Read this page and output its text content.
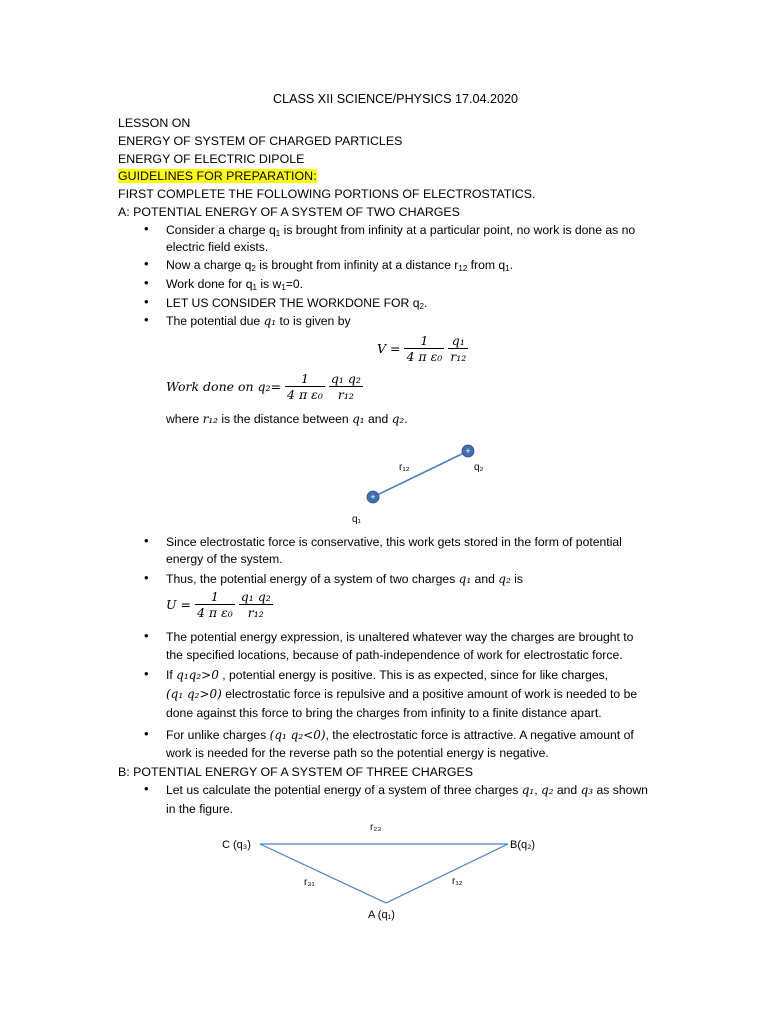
CLASS XII SCIENCE/PHYSICS 17.04.2020
LESSON ON
ENERGY OF SYSTEM OF CHARGED PARTICLES
ENERGY OF ELECTRIC DIPOLE
GUIDELINES FOR PREPARATION:
FIRST COMPLETE THE FOLLOWING PORTIONS OF ELECTROSTATICS.
A: POTENTIAL ENERGY OF A SYSTEM OF TWO CHARGES
• Consider a charge $q_1$ is brought from infinity at a particular point, no work is done as no
electric field exists.
• Now a charge $q_2$ is brought from infinity at a distance $r_{12}$ from $q_1$.
• Work done for $q_1$ is $w_1=0$.
• LET US CONSIDER THE WORKDONE FOR $q_2$.
• The potential due q₁ to is given by
$V = \frac{1}{\text{4 π ε₀}}$
$\frac{\text{q₁}}{\text{r₁₂}}$
Work done on $q_2= \frac{1}{\text{4 π ε₀}}$
$\frac{\text{q₁ q₂}}{\text{r₁₂}}$
where r₁₂ is the distance between q₁ and q₂.
+
+
r₁₂	q₂
q₁
• Since electrostatic force is conservative, this work gets stored in the form of potential
energy of the system.
• Thus, the potential energy of a system of two charges q₁ and q₂ is
$U = \frac{1}{\text{4 π ε₀}}$
$\frac{\text{q₁ q₂}}{\text{r₁₂}}$
• The potential energy expression, is unaltered whatever way the charges are brought to
the specified locations, because of path-independence of work for electrostatic force.
• If q₁q₂>0 , potential energy is positive. This is as expected, since for like charges,
(q₁ q₂>0) electrostatic force is repulsive and a positive amount of work is needed to be
done against this force to bring the charges from infinity to a finite distance apart.
• For unlike charges (q₁ q₂<0), the electrostatic force is attractive. A negative amount of
work is needed for the reverse path so the potential energy is negative.
B: POTENTIAL ENERGY OF A SYSTEM OF THREE CHARGES
• Let us calculate the potential energy of a system of three charges q₁, q₂ and q₃ as shown
in the figure.
r₂₃
C (q₃)	B(q₂)
r₃₁	r₁₂
A (q₁)
